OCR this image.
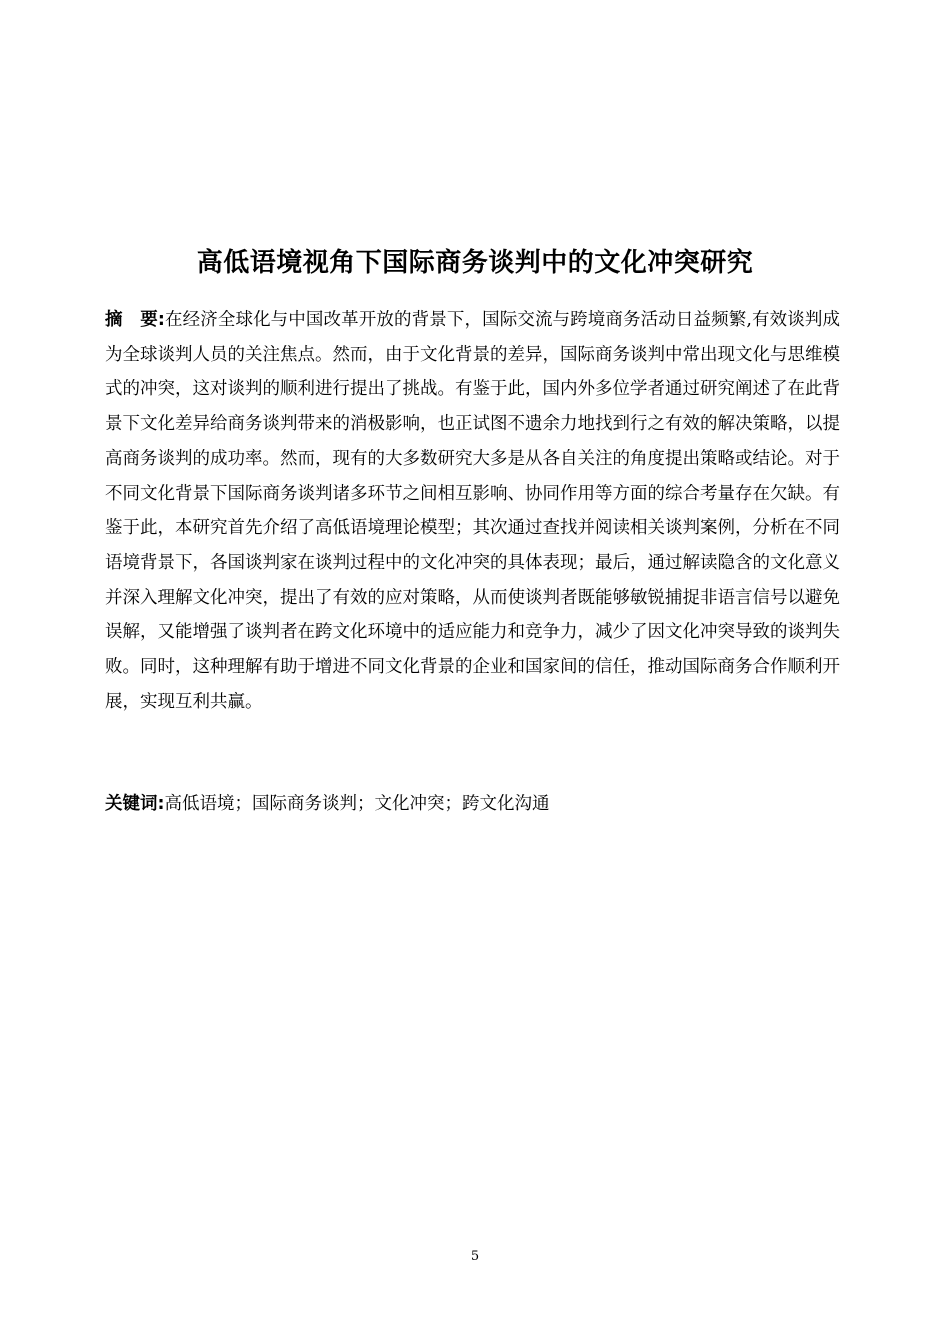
高低语境视角下国际商务谈判中的文化冲突研究

摘　要:在经济全球化与中国改革开放的背景下，国际交流与跨境商务活动日益频繁,有效谈判成为全球谈判人员的关注焦点。然而，由于文化背景的差异，国际商务谈判中常出现文化与思维模式的冲突，这对谈判的顺利进行提出了挑战。有鉴于此，国内外多位学者通过研究阐述了在此背景下文化差异给商务谈判带来的消极影响，也正试图不遗余力地找到行之有效的解决策略，以提高商务谈判的成功率。然而，现有的大多数研究大多是从各自关注的角度提出策略或结论。对于不同文化背景下国际商务谈判诸多环节之间相互影响、协同作用等方面的综合考量存在欠缺。有鉴于此，本研究首先介绍了高低语境理论模型；其次通过查找并阅读相关谈判案例，分析在不同语境背景下，各国谈判家在谈判过程中的文化冲突的具体表现；最后，通过解读隐含的文化意义并深入理解文化冲突，提出了有效的应对策略，从而使谈判者既能够敏锐捕捉非语言信号以避免误解，又能增强了谈判者在跨文化环境中的适应能力和竞争力，减少了因文化冲突导致的谈判失败。同时，这种理解有助于增进不同文化背景的企业和国家间的信任，推动国际商务合作顺利开展，实现互利共赢。

关键词:高低语境；国际商务谈判；文化冲突；跨文化沟通

5
